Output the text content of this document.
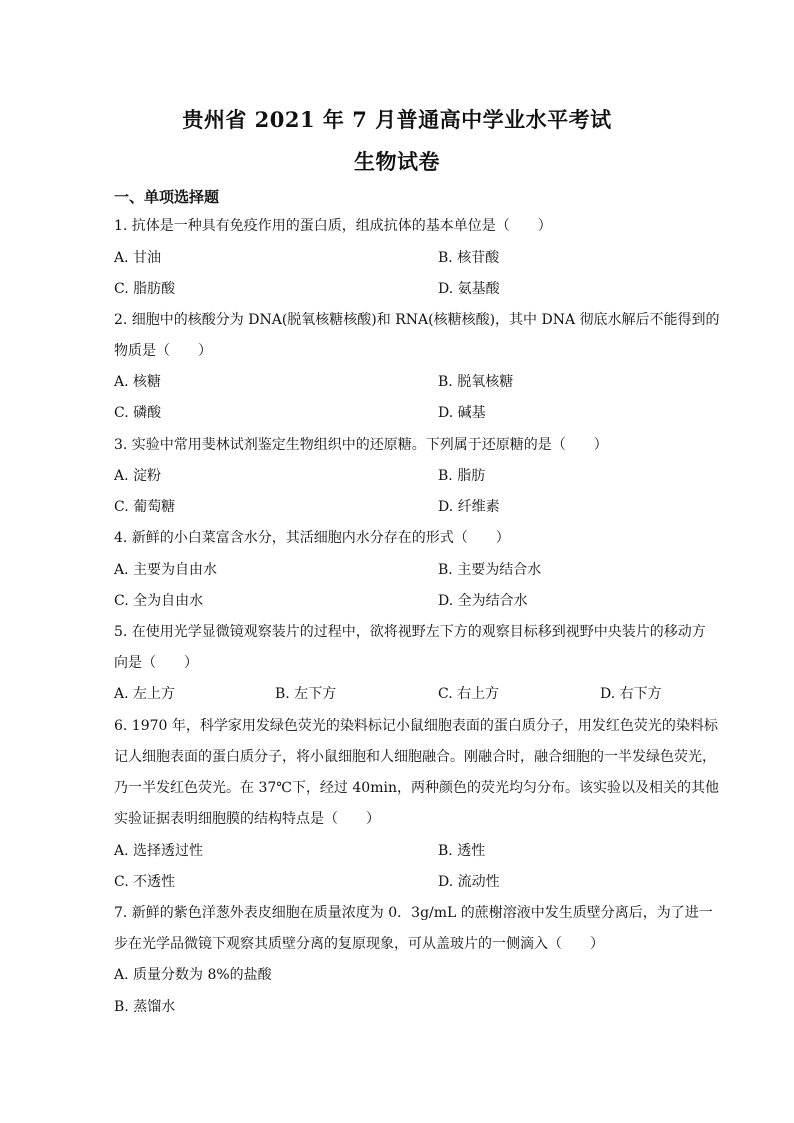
贵州省 2021 年 7 月普通高中学业水平考试
生物试卷
一、单项选择题
1. 抗体是一种具有免疫作用的蛋白质，组成抗体的基本单位是（　　）
A. 甘油	B. 核苷酸
C. 脂肪酸	D. 氨基酸
2. 细胞中的核酸分为 DNA(脱氧核糖核酸)和 RNA(核糖核酸)，其中 DNA 彻底水解后不能得到的
物质是（　　）
A. 核糖	B. 脱氧核糖
C. 磷酸	D. 碱基
3. 实验中常用斐林试剂鉴定生物组织中的还原糖。下列属于还原糖的是（　　）
A. 淀粉	B. 脂肪
C. 葡萄糖	D. 纤维素
4. 新鲜的小白菜富含水分，其活细胞内水分存在的形式（　　）
A. 主要为自由水	B. 主要为结合水
C. 全为自由水	D. 全为结合水
5. 在使用光学显微镜观察装片的过程中，欲将视野左下方的观察目标移到视野中央装片的移动方
向是（　　）
A. 左上方	B. 左下方	C. 右上方	D. 右下方
6. 1970 年，科学家用发绿色荧光的染料标记小鼠细胞表面的蛋白质分子，用发红色荧光的染料标
记人细胞表面的蛋白质分子，将小鼠细胞和人细胞融合。刚融合时，融合细胞的一半发绿色荧光，
乃一半发红色荧光。在 37℃下，经过 40min，两种颜色的荧光均匀分布。该实验以及相关的其他
实验证据表明细胞膜的结构特点是（　　）
A. 选择透过性	B. 透性
C. 不透性	D. 流动性
7. 新鲜的紫色洋葱外表皮细胞在质量浓度为 0．3g/mL 的蔗榭溶液中发生质壁分离后，为了进一
步在光学品微镜下观察其质壁分离的复原现象，可从盖玻片的一侧滴入（　　）
A. 质量分数为 8%的盐酸
B. 蒸馏水
